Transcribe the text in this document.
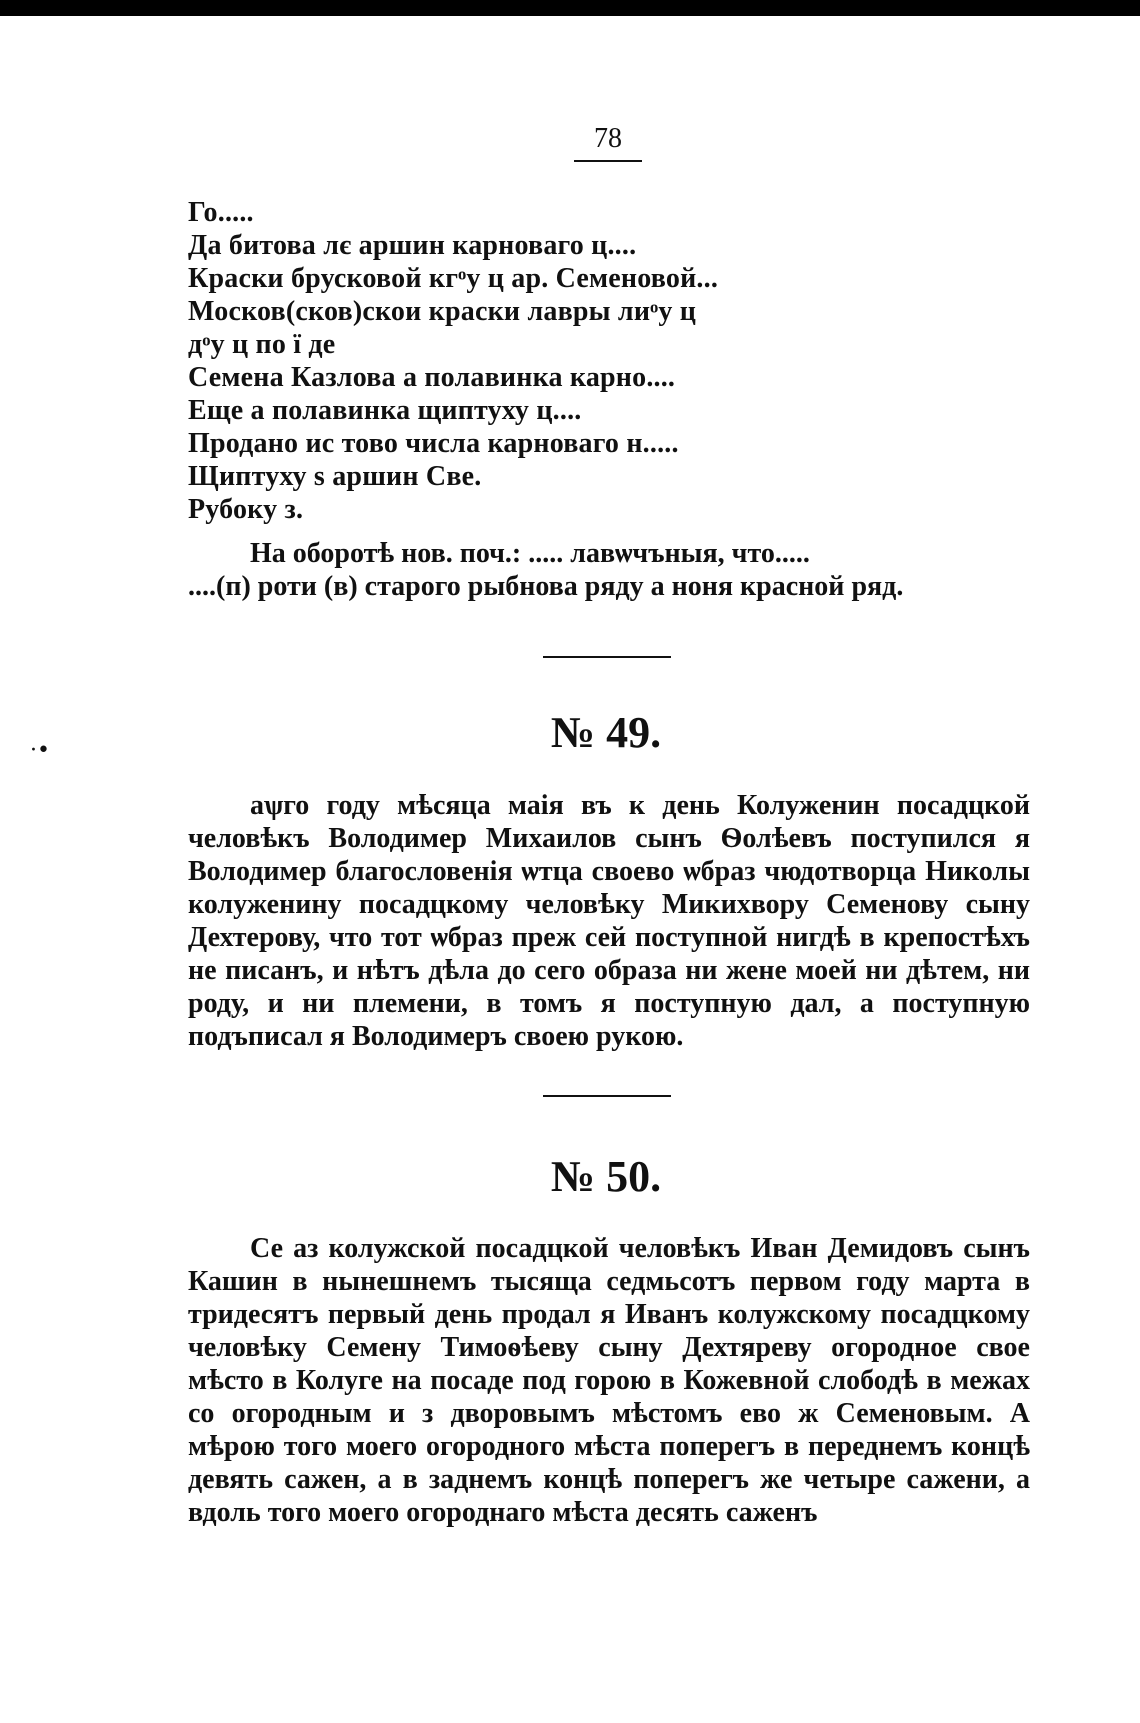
·•
78
Го.....
Да битова лє аршин карноваго ц....
Краски брусковой кгᵒу ц ар. Семеновой...
Москов(сков)скои краски лавры лиᵒу ц
дᵒу ц по ї де
Семена Казлова а полавинка карно....
Еще а полавинка щиптуху ц....
Продано ис тово числа карноваго н.....
Щиптуху ѕ аршин Све.
Рубоку з.
На оборотѣ нов. поч.: ..... лавѡчъныя, что.....
....(п) роти (в) старого рыбнова ряду а ноня красной ряд.
№ 49.

аѱго году мѣсяца маія въ к день Колуженин посадцкой человѣкъ Володимер Михаилов сынъ Ѳолѣевъ поступился я Володимер благословенія ѡтца своево ѡбраз чюдотворца Николы колуженину посадцкому человѣку Микихвору Семенову сыну Дехтерову, что тот ѡбраз преж сей поступной нигдѣ в крепостѣхъ не писанъ, и нѣтъ дѣла до сего образа ни жене моей ни дѣтем, ни роду, и ни племени, в томъ я поступную дал, а поступную подъписал я Володимеръ своею рукою.

№ 50.

Се аз колужской посадцкой человѣкъ Иван Демидовъ сынъ Кашин в нынешнемъ тысяща седмьсотъ первом году марта в тридесятъ первый день продал я Иванъ колужскому посадцкому человѣку Семену Тимоѳѣеву сыну Дехтяреву огородное свое мѣсто в Колуге на посаде под горою в Кожевной слободѣ в межах со огородным и з дворовымъ мѣстомъ ево ж Семеновым. А мѣрою того моего огородного мѣста поперегъ в переднемъ концѣ девять сажен, а в заднемъ концѣ поперегъ же четыре сажени, а вдоль того моего огороднаго мѣста десять саженъ
